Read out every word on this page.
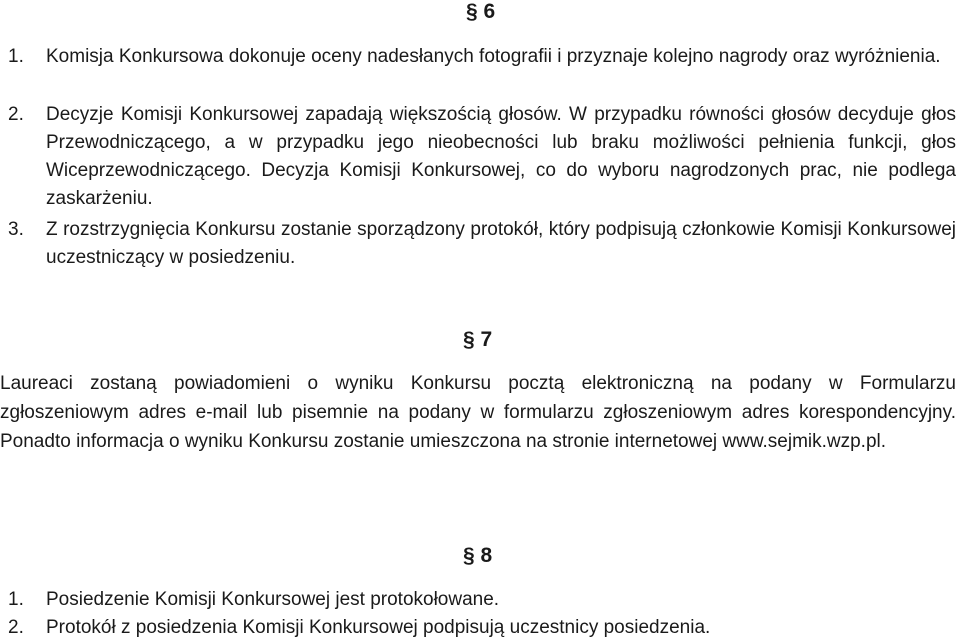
§ 6
1. Komisja Konkursowa dokonuje oceny nadesłanych fotografii i przyznaje kolejno nagrody oraz wyróżnienia.
2. Decyzje Komisji Konkursowej zapadają większością głosów. W przypadku równości głosów decyduje głos Przewodniczącego, a w przypadku jego nieobecności lub braku możliwości pełnienia funkcji, głos Wiceprzewodniczącego. Decyzja Komisji Konkursowej, co do wyboru nagrodzonych prac, nie podlega zaskarżeniu.
3. Z rozstrzygnięcia Konkursu zostanie sporządzony protokół, który podpisują członkowie Komisji Konkursowej uczestniczący w posiedzeniu.
§ 7
Laureaci zostaną powiadomieni o wyniku Konkursu pocztą elektroniczną na podany w Formularzu zgłoszeniowym adres e-mail lub pisemnie na podany w formularzu zgłoszeniowym adres korespondencyjny. Ponadto informacja o wyniku Konkursu zostanie umieszczona na stronie internetowej www.sejmik.wzp.pl.
§ 8
1. Posiedzenie Komisji Konkursowej jest protokołowane.
2. Protokół z posiedzenia Komisji Konkursowej podpisują uczestnicy posiedzenia.
